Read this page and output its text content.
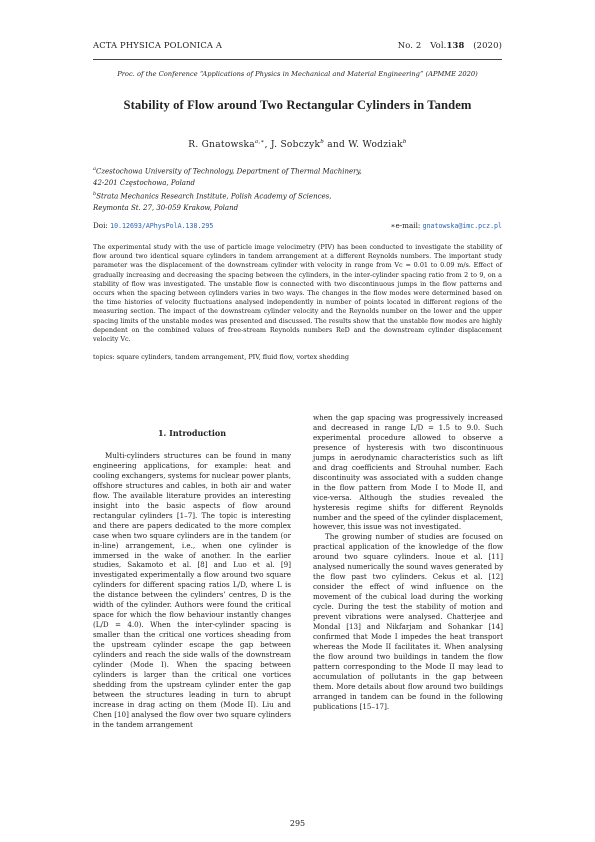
ACTA PHYSICA POLONICA A	No. 2 Vol.138 (2020)
Proc. of the Conference “Applications of Physics in Mechanical and Material Engineering” (APMME 2020)
Stability of Flow around Two Rectangular Cylinders in Tandem
R. Gnatowska$^{a,∗}$, J. Sobczyk$^b$ and W. Wodziak$^b$
$^a$Czestochowa University of Technology, Department of Thermal Machinery,
42-201 Częstochowa, Poland
$^b$Strata Mechanics Research Institute, Polish Academy of Sciences,
Reymonta St. 27, 30-059 Krakow, Poland
Doi: 10.12693/APhysPolA.138.295	∗e-mail: gnatowska@imc.pcz.pl
The experimental study with the use of particle image velocimetry (PIV) has been conducted to investigate the stability of flow around two identical square cylinders in tandem arrangement at a different Reynolds numbers. The important study parameter was the displacement of the downstream cylinder with velocity in range from Vc = 0.01 to 0.09 m/s. Effect of gradually increasing and decreasing the spacing between the cylinders, in the inter-cylinder spacing ratio from 2 to 9, on a stability of flow was investigated. The unstable flow is connected with two discontinuous jumps in the flow patterns and occurs when the spacing between cylinders varies in two ways. The changes in the flow modes were determined based on the time histories of velocity fluctuations analysed independently in number of points located in different regions of the measuring section. The impact of the downstream cylinder velocity and the Reynolds number on the lower and the upper spacing limits of the unstable modes was presented and discussed. The results show that the unstable flow modes are highly dependent on the combined values of free-stream Reynolds numbers ReD and the downstream cylinder displacement velocity Vc.
topics: square cylinders, tandem arrangement, PIV, fluid flow, vortex shedding
1. Introduction

Multi-cylinders structures can be found in many engineering applications, for example: heat and cooling exchangers, systems for nuclear power plants, offshore structures and cables, in both air and water flow. The available literature provides an interesting insight into the basic aspects of flow around rectangular cylinders [1–7]. The topic is interesting and there are papers dedicated to the more complex case when two square cylinders are in the tandem (or in-line) arrangement, i.e., when one cylinder is immersed in the wake of another. In the earlier studies, Sakamoto et al. [8] and Luo et al. [9] investigated experimentally a flow around two square cylinders for different spacing ratios L/D, where L is the distance between the cylinders’ centres, D is the width of the cylinder. Authors were found the critical space for which the flow behaviour instantly changes (L/D = 4.0). When the inter-cylinder spacing is smaller than the critical one vortices sheading from the upstream cylinder escape the gap between cylinders and reach the side walls of the downstream cylinder (Mode I). When the spacing between cylinders is larger than the critical one vortices shedding from the upstream cylinder enter the gap between the structures leading in turn to abrupt increase in drag acting on them (Mode II). Liu and Chen [10] analysed the flow over two square cylinders in the tandem arrangement

when the gap spacing was progressively increased and decreased in range L/D = 1.5 to 9.0. Such experimental procedure allowed to observe a presence of hysteresis with two discontinuous jumps in aerodynamic characteristics such as lift and drag coefficients and Strouhal number. Each discontinuity was associated with a sudden change in the flow pattern from Mode I to Mode II, and vice-versa. Although the studies revealed the hysteresis regime shifts for different Reynolds number and the speed of the cylinder displacement, however, this issue was not investigated.

The growing number of studies are focused on practical application of the knowledge of the flow around two square cylinders. Inoue et al. [11] analysed numerically the sound waves generated by the flow past two cylinders. Cekus et al. [12] consider the effect of wind influence on the movement of the cubical load during the working cycle. During the test the stability of motion and prevent vibrations were analysed. Chatterjee and Mondal [13] and Nikfarjam and Sohankar [14] confirmed that Mode I impedes the heat transport whereas the Mode II facilitates it. When analysing the flow around two buildings in tandem the flow pattern corresponding to the Mode II may lead to accumulation of pollutants in the gap between them. More details about flow around two buildings arranged in tandem can be found in the following publications [15–17].

295
